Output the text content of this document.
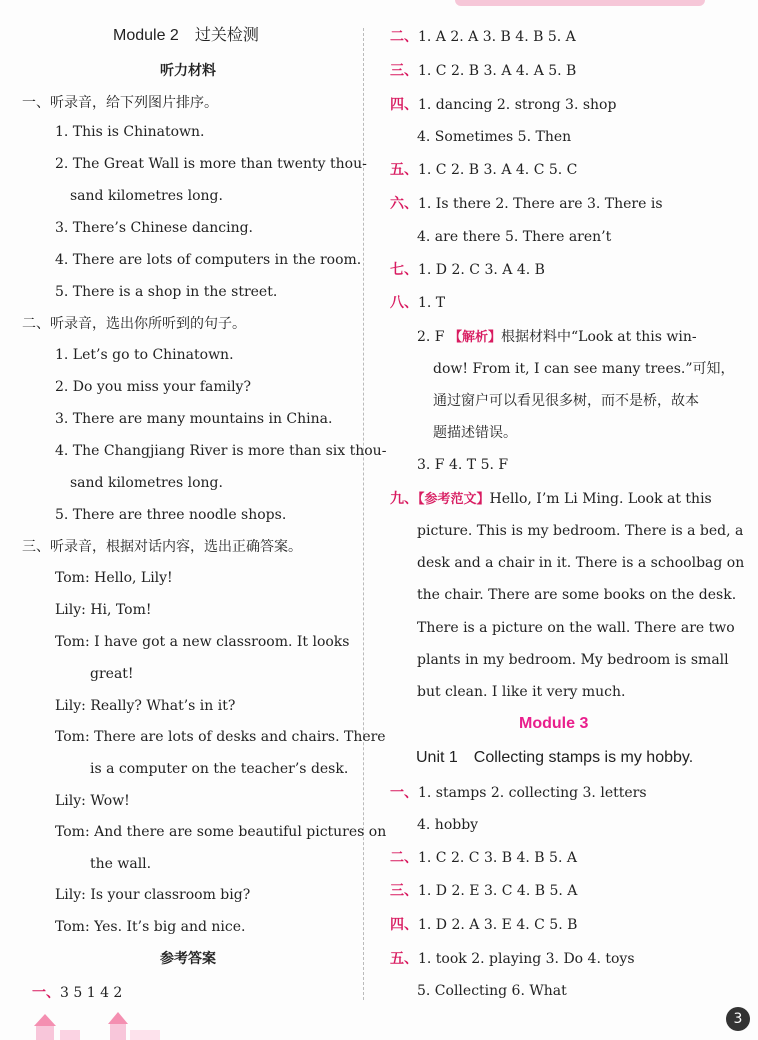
Module 2　过关检测
听力材料
一、听录音，给下列图片排序。
1. This is Chinatown.
2. The Great Wall is more than twenty thou-
sand kilometres long.
3. There’s Chinese dancing.
4. There are lots of computers in the room.
5. There is a shop in the street.
二、听录音，选出你所听到的句子。
1. Let’s go to Chinatown.
2. Do you miss your family?
3. There are many mountains in China.
4. The Changjiang River is more than six thou-
sand kilometres long.
5. There are three noodle shops.
三、听录音，根据对话内容，选出正确答案。
Tom: Hello, Lily!
Lily: Hi, Tom!
Tom: I have got a new classroom. It looks
great!
Lily: Really? What’s in it?
Tom: There are lots of desks and chairs. There
is a computer on the teacher’s desk.
Lily: Wow!
Tom: And there are some beautiful pictures on
the wall.
Lily: Is your classroom big?
Tom: Yes. It’s big and nice.
参考答案
一、3 5 1 4 2
二、1. A 2. A 3. B 4. B 5. A
三、1. C 2. B 3. A 4. A 5. B
四、1. dancing 2. strong 3. shop
4. Sometimes 5. Then
五、1. C 2. B 3. A 4. C 5. C
六、1. Is there 2. There are 3. There is
4. are there 5. There aren’t
七、1. D 2. C 3. A 4. B
八、1. T
2. F 【解析】根据材料中“Look at this win-
dow! From it, I can see many trees.”可知，
通过窗户可以看见很多树，而不是桥，故本
题描述错误。
3. F 4. T 5. F
九、【参考范文】Hello, I’m Li Ming. Look at this
picture. This is my bedroom. There is a bed, a
desk and a chair in it. There is a schoolbag on
the chair. There are some books on the desk.
There is a picture on the wall. There are two
plants in my bedroom. My bedroom is small
but clean. I like it very much.
Module 3
Unit 1　Collecting stamps is my hobby.
一、1. stamps 2. collecting 3. letters
4. hobby
二、1. C 2. C 3. B 4. B 5. A
三、1. D 2. E 3. C 4. B 5. A
四、1. D 2. A 3. E 4. C 5. B
五、1. took 2. playing 3. Do 4. toys
5. Collecting 6. What
3
